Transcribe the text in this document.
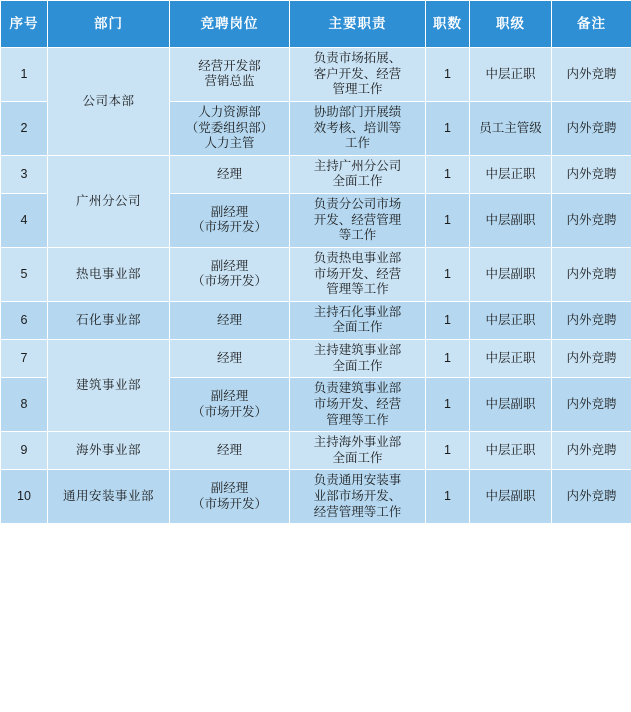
序号	部门	竞聘岗位	主要职责	职数	职级	备注
1	公司本部	经营开发部
营销总监	负责市场拓展、
客户开发、经营
管理工作	1	中层正职	内外竞聘
2		人力资源部
（党委组织部）
人力主管	协助部门开展绩
效考核、培训等
工作	1	员工主管级	内外竞聘
3	广州分公司	经理	主持广州分公司
全面工作	1	中层正职	内外竞聘
4		副经理
（市场开发）	负责分公司市场
开发、经营管理
等工作	1	中层副职	内外竞聘
5	热电事业部	副经理
（市场开发）	负责热电事业部
市场开发、经营
管理等工作	1	中层副职	内外竞聘
6	石化事业部	经理	主持石化事业部
全面工作	1	中层正职	内外竞聘
7	建筑事业部	经理	主持建筑事业部
全面工作	1	中层正职	内外竞聘
8		副经理
（市场开发）	负责建筑事业部
市场开发、经营
管理等工作	1	中层副职	内外竞聘
9	海外事业部	经理	主持海外事业部
全面工作	1	中层正职	内外竞聘
10	通用安装事业部	副经理
（市场开发）	负责通用安装事
业部市场开发、
经营管理等工作	1	中层副职	内外竞聘
